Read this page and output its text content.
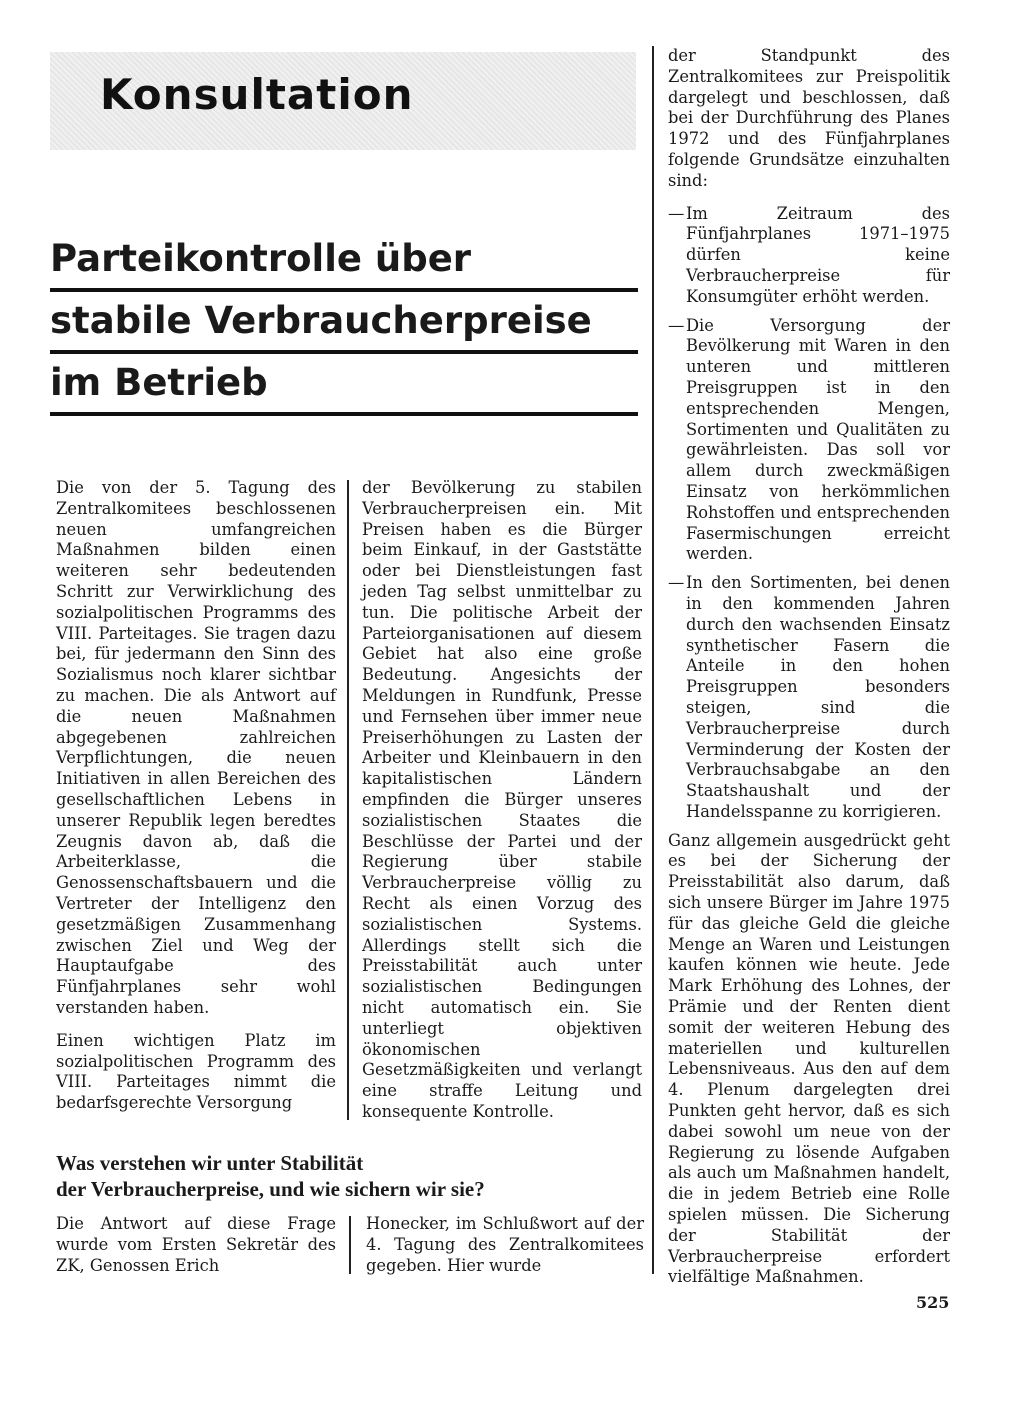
Konsultation
Parteikontrolle über
stabile Verbraucherpreise
im Betrieb

Die von der 5. Tagung des Zentralkomitees beschlossenen neuen umfangreichen Maßnahmen bilden einen weiteren sehr bedeutenden Schritt zur Verwirklichung des sozialpolitischen Programms des VIII. Parteitages. Sie tragen dazu bei, für jedermann den Sinn des Sozialismus noch klarer sichtbar zu machen. Die als Antwort auf die neuen Maßnahmen abgegebenen zahlreichen Verpflichtungen, die neuen Initiativen in allen Bereichen des gesellschaftlichen Lebens in unserer Republik legen beredtes Zeugnis davon ab, daß die Arbeiterklasse, die Genossenschaftsbauern und die Vertreter der Intelligenz den gesetzmäßigen Zusammenhang zwischen Ziel und Weg der Hauptaufgabe des Fünfjahrplanes sehr wohl verstanden haben.

Einen wichtigen Platz im sozialpolitischen Programm des VIII. Parteitages nimmt die bedarfsgerechte Versorgung

der Bevölkerung zu stabilen Verbraucherpreisen ein. Mit Preisen haben es die Bürger beim Einkauf, in der Gaststätte oder bei Dienstleistungen fast jeden Tag selbst unmittelbar zu tun. Die politische Arbeit der Parteiorganisationen auf diesem Gebiet hat also eine große Bedeutung. Angesichts der Meldungen in Rundfunk, Presse und Fernsehen über immer neue Preiserhöhungen zu Lasten der Arbeiter und Kleinbauern in den kapitalistischen Ländern empfinden die Bürger unseres sozialistischen Staates die Beschlüsse der Partei und der Regierung über stabile Verbraucherpreise völlig zu Recht als einen Vorzug des sozialistischen Systems. Allerdings stellt sich die Preisstabilität auch unter sozialistischen Bedingungen nicht automatisch ein. Sie unterliegt objektiven ökonomischen Gesetzmäßigkeiten und verlangt eine straffe Leitung und konsequente Kontrolle.

Was verstehen wir unter Stabilität
der Verbraucherpreise, und wie sichern wir sie?

Die Antwort auf diese Frage wurde vom Ersten Sekretär des ZK, Genossen Erich

Honecker, im Schlußwort auf der 4. Tagung des Zentralkomitees gegeben. Hier wurde

der Standpunkt des Zentralkomitees zur Preispolitik dargelegt und beschlossen, daß bei der Durchführung des Planes 1972 und des Fünfjahrplanes folgende Grundsätze einzuhalten sind:

— Im Zeitraum des Fünfjahrplanes 1971–1975 dürfen keine Verbraucherpreise für Konsumgüter erhöht werden.
— Die Versorgung der Bevölkerung mit Waren in den unteren und mittleren Preisgruppen ist in den entsprechenden Mengen, Sortimenten und Qualitäten zu gewährleisten. Das soll vor allem durch zweckmäßigen Einsatz von herkömmlichen Rohstoffen und entsprechenden Fasermischungen erreicht werden.
— In den Sortimenten, bei denen in den kommenden Jahren durch den wachsenden Einsatz synthetischer Fasern die Anteile in den hohen Preisgruppen besonders steigen, sind die Verbraucherpreise durch Verminderung der Kosten der Verbrauchsabgabe an den Staatshaushalt und der Handelsspanne zu korrigieren.

Ganz allgemein ausgedrückt geht es bei der Sicherung der Preisstabilität also darum, daß sich unsere Bürger im Jahre 1975 für das gleiche Geld die gleiche Menge an Waren und Leistungen kaufen können wie heute. Jede Mark Erhöhung des Lohnes, der Prämie und der Renten dient somit der weiteren Hebung des materiellen und kulturellen Lebensniveaus. Aus den auf dem 4. Plenum dargelegten drei Punkten geht hervor, daß es sich dabei sowohl um neue von der Regierung zu lösende Aufgaben als auch um Maßnahmen handelt, die in jedem Betrieb eine Rolle spielen müssen. Die Sicherung der Stabilität der Verbraucherpreise erfordert vielfältige Maßnahmen.

525
